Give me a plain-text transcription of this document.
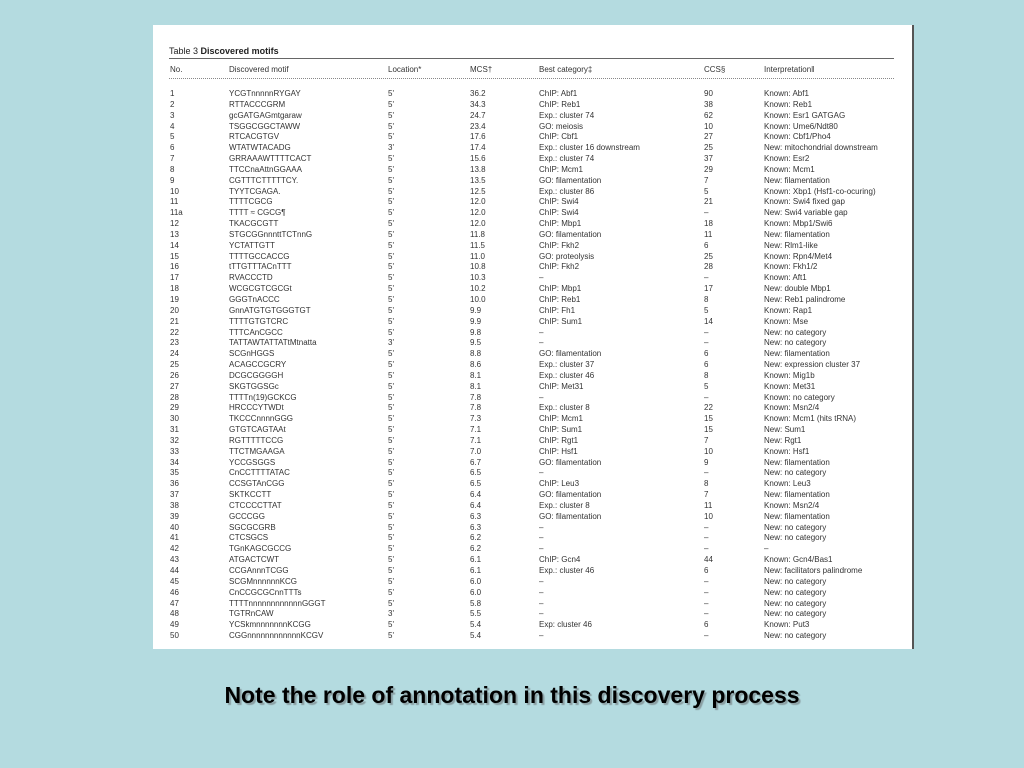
Table 3 Discovered motifs
No.	Discovered motif	Location*	MCS†	Best category‡	CCS§	Interpretation‖
1	YCGTnnnnnRYGAY	5'	36.2	ChIP: Abf1	90	Known: Abf1
2	RTTACCCGRM	5'	34.3	ChIP: Reb1	38	Known: Reb1
3	gcGATGAGmtgaraw	5'	24.7	Exp.: cluster 74	62	Known: Esr1 GATGAG
4	TSGGCGGCTAWW	5'	23.4	GO: meiosis	10	Known: Ume6/Ndt80
5	RTCACGTGV	5'	17.6	ChIP: Cbf1	27	Known: Cbf1/Pho4
6	WTATWTACADG	3'	17.4	Exp.: cluster 16 downstream	25	New: mitochondrial downstream
7	GRRAAAWTTTTCACT	5'	15.6	Exp.: cluster 74	37	Known: Esr2
8	TTCCnaAttnGGAAA	5'	13.8	ChIP: Mcm1	29	Known: Mcm1
9	CGTTTCTTTTTCY.	5'	13.5	GO: filamentation	7	New: filamentation
10	TYYTCGAGA.	5'	12.5	Exp.: cluster 86	5	Known: Xbp1 (Hsf1-co-ocuring)
11	TTTTCGCG	5'	12.0	ChIP: Swi4	21	Known: Swi4 fixed gap
11a	TTTT ≈ CGCG¶	5'	12.0	ChIP: Swi4	–	New: Swi4 variable gap
12	TKACGCGTT	5'	12.0	ChIP: Mbp1	18	Known: Mbp1/Swi6
13	STGCGGnnnttTCTnnG	5'	11.8	GO: filamentation	11	New: filamentation
14	YCTATTGTT	5'	11.5	ChIP: Fkh2	6	New: Rlm1-like
15	TTTTGCCACCG	5'	11.0	GO: proteolysis	25	Known: Rpn4/Met4
16	tTTGTTTACnTTT	5'	10.8	ChIP: Fkh2	28	Known: Fkh1/2
17	RVACCCTD	5'	10.3	–	–	Known: Aft1
18	WCGCGTCGCGt	5'	10.2	ChIP: Mbp1	17	New: double Mbp1
19	GGGTnACCC	5'	10.0	ChIP: Reb1	8	New: Reb1 palindrome
20	GnnATGTGTGGGTGT	5'	9.9	ChIP: Fh1	5	Known: Rap1
21	TTTTGTGTCRC	5'	9.9	ChIP: Sum1	14	Known: Mse
22	TTTCAnCGCC	5'	9.8	–	–	New: no category
23	TATTAWTATTATtMtnatta	3'	9.5	–	–	New: no category
24	SCGnHGGS	5'	8.8	GO: filamentation	6	New: filamentation
25	ACAGCCGCRY	5'	8.6	Exp.: cluster 37	6	New: expression cluster 37
26	DCGCGGGGH	5'	8.1	Exp.: cluster 46	8	Known: Mig1b
27	SKGTGGSGc	5'	8.1	ChIP: Met31	5	Known: Met31
28	TTTTn(19)GCKCG	5'	7.8	–	–	Known: no category
29	HRCCCYTWDt	5'	7.8	Exp.: cluster 8	22	Known: Msn2/4
30	TKCCCnnnnGGG	5'	7.3	ChIP: Mcm1	15	Known: Mcm1 (hits tRNA)
31	GTGTCAGTAAt	5'	7.1	ChIP: Sum1	15	New: Sum1
32	RGTTTTTCCG	5'	7.1	ChIP: Rgt1	7	New: Rgt1
33	TTCTMGAAGA	5'	7.0	ChIP: Hsf1	10	Known: Hsf1
34	YCCGSGGS	5'	6.7	GO: filamentation	9	New: filamentation
35	CnCCTTTTATAC	5'	6.5	–	–	New: no category
36	CCSGTAnCGG	5'	6.5	ChIP: Leu3	8	Known: Leu3
37	SKTKCCTT	5'	6.4	GO: filamentation	7	New: filamentation
38	CTCCCCTTAT	5'	6.4	Exp.: cluster 8	11	Known: Msn2/4
39	GCCCGG	5'	6.3	GO: filamentation	10	New: filamentation
40	SGCGCGRB	5'	6.3	–	–	New: no category
41	CTCSGCS	5'	6.2	–	–	New: no category
42	TGnKAGCGCCG	5'	6.2	–	–	–
43	ATGACTCWT	5'	6.1	ChIP: Gcn4	44	Known: Gcn4/Bas1
44	CCGAnnnTCGG	5'	6.1	Exp.: cluster 46	6	New: facilitators palindrome
45	SCGMnnnnnnKCG	5'	6.0	–	–	New: no category
46	CnCCGCGCnnTTTs	5'	6.0	–	–	New: no category
47	TTTTnnnnnnnnnnnnGGGT	5'	5.8	–	–	New: no category
48	TGTRnCAW	3'	5.5	–	–	New: no category
49	YCSkmnnnnnnnKCGG	5'	5.4	Exp: cluster 46	6	Known: Put3
50	CGGnnnnnnnnnnnnKCGV	5'	5.4	–	–	New: no category
Note the role of annotation in this discovery process
